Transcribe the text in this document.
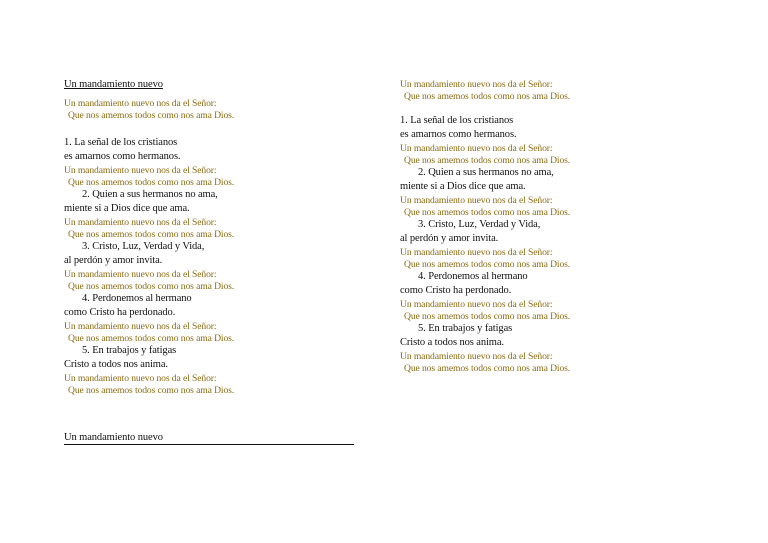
Un mandamiento nuevo
Un mandamiento nuevo nos da el Señor:
Que nos amemos todos como nos ama Dios.
1. La señal de los cristianos
es amarnos como hermanos.
Un mandamiento nuevo nos da el Señor:
Que nos amemos todos como nos ama Dios.
2. Quien a sus hermanos no ama,
miente si a Dios dice que ama.
Un mandamiento nuevo nos da el Señor:
Que nos amemos todos como nos ama Dios.
3. Cristo, Luz, Verdad y Vida,
al perdón y amor invita.
Un mandamiento nuevo nos da el Señor:
Que nos amemos todos como nos ama Dios.
4. Perdonemos al hermano
como Cristo ha perdonado.
Un mandamiento nuevo nos da el Señor:
Que nos amemos todos como nos ama Dios.
5. En trabajos y fatigas
Cristo a todos nos anima.
Un mandamiento nuevo nos da el Señor:
Que nos amemos todos como nos ama Dios.
Un mandamiento nuevo
Un mandamiento nuevo nos da el Señor:
Que nos amemos todos como nos ama Dios.
1. La señal de los cristianos
es amarnos como hermanos.
Un mandamiento nuevo nos da el Señor:
Que nos amemos todos como nos ama Dios.
2. Quien a sus hermanos no ama,
miente si a Dios dice que ama.
Un mandamiento nuevo nos da el Señor:
Que nos amemos todos como nos ama Dios.
3. Cristo, Luz, Verdad y Vida,
al perdón y amor invita.
Un mandamiento nuevo nos da el Señor:
Que nos amemos todos como nos ama Dios.
4. Perdonemos al hermano
como Cristo ha perdonado.
Un mandamiento nuevo nos da el Señor:
Que nos amemos todos como nos ama Dios.
5. En trabajos y fatigas
Cristo a todos nos anima.
Un mandamiento nuevo nos da el Señor:
Que nos amemos todos como nos ama Dios.
